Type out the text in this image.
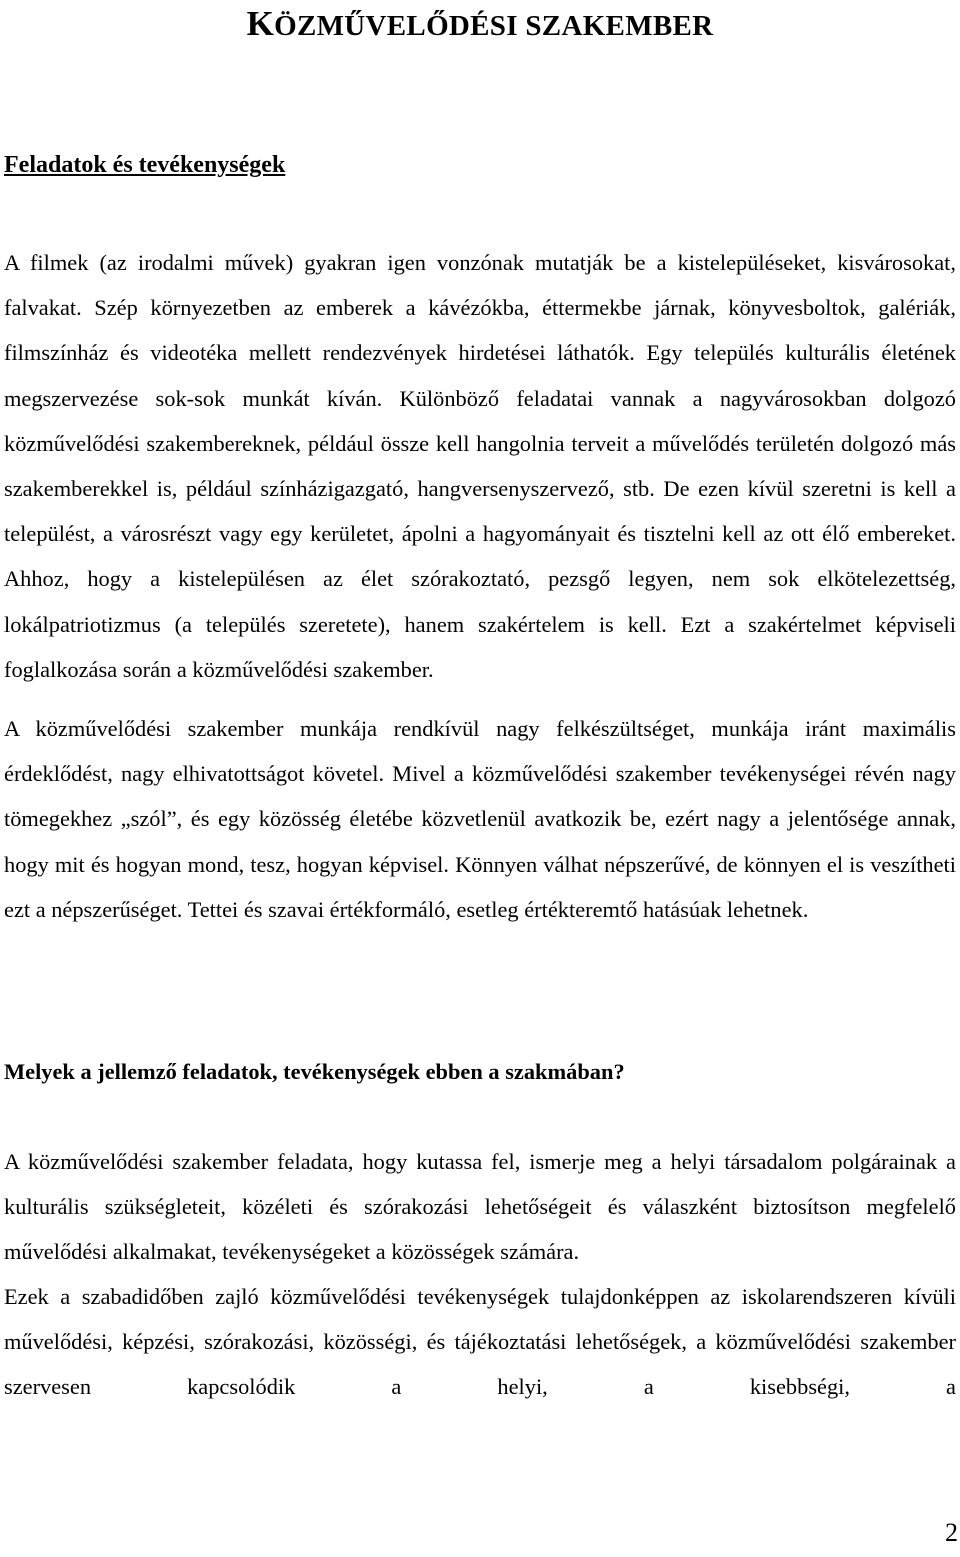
KÖZMŰVELŐDÉSI SZAKEMBER
Feladatok és tevékenységek

A filmek (az irodalmi művek) gyakran igen vonzónak mutatják be a kistelepüléseket, kisvárosokat, falvakat. Szép környezetben az emberek a kávézókba, éttermekbe járnak, könyvesboltok, galériák, filmszínház és videotéka mellett rendezvények hirdetései láthatók. Egy település kulturális életének megszervezése sok-sok munkát kíván. Különböző feladatai vannak a nagyvárosokban dolgozó közművelődési szakembereknek, például össze kell hangolnia terveit a művelődés területén dolgozó más szakemberekkel is, például színházigazgató, hangversenyszervező, stb. De ezen kívül szeretni is kell a települést, a városrészt vagy egy kerületet, ápolni a hagyományait és tisztelni kell az ott élő embereket. Ahhoz, hogy a kistelepülésen az élet szórakoztató, pezsgő legyen, nem sok elkötelezettség, lokálpatriotizmus (a település szeretete), hanem szakértelem is kell. Ezt a szakértelmet képviseli foglalkozása során a közművelődési szakember.

A közművelődési szakember munkája rendkívül nagy felkészültséget, munkája iránt maximális érdeklődést, nagy elhivatottságot követel. Mivel a közművelődési szakember tevékenységei révén nagy tömegekhez „szól”, és egy közösség életébe közvetlenül avatkozik be, ezért nagy a jelentősége annak, hogy mit és hogyan mond, tesz, hogyan képvisel. Könnyen válhat népszerűvé, de könnyen el is veszítheti ezt a népszerűséget. Tettei és szavai értékformáló, esetleg értékteremtő hatásúak lehetnek.

Melyek a jellemző feladatok, tevékenységek ebben a szakmában?

A közművelődési szakember feladata, hogy kutassa fel, ismerje meg a helyi társadalom polgárainak a kulturális szükségleteit, közéleti és szórakozási lehetőségeit és válaszként biztosítson megfelelő művelődési alkalmakat, tevékenységeket a közösségek számára.

Ezek a szabadidőben zajló közművelődési tevékenységek tulajdonképpen az iskolarendszeren kívüli művelődési, képzési, szórakozási, közösségi, és tájékoztatási lehetőségek, a közművelődési szakember szervesen kapcsolódik a helyi, a kisebbségi, a

2
